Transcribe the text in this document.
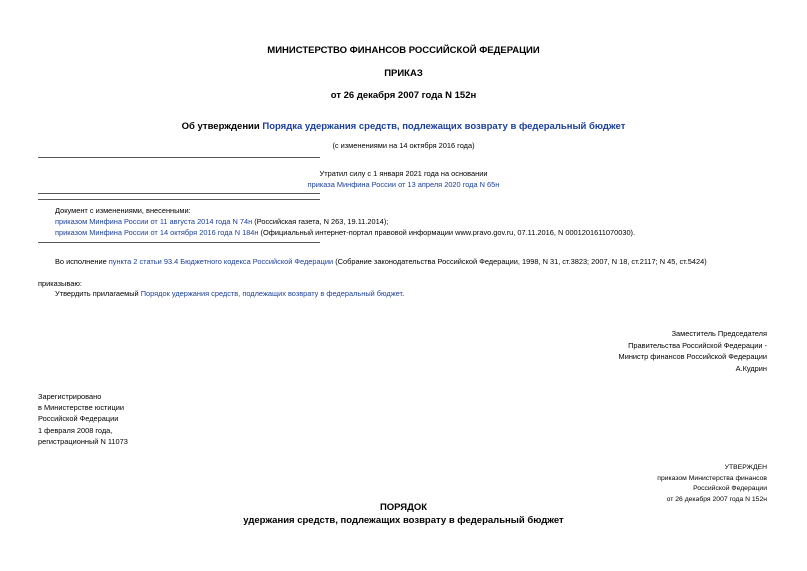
МИНИСТЕРСТВО ФИНАНСОВ РОССИЙСКОЙ ФЕДЕРАЦИИ
ПРИКАЗ
от 26 декабря 2007 года N 152н
Об утверждении Порядка удержания средств, подлежащих возврату в федеральный бюджет
(с изменениями на 14 октября 2016 года)
Утратил силу с 1 января 2021 года на основании
приказа Минфина России от 13 апреля 2020 года N 65н
Документ с изменениями, внесенными:
приказом Минфина России от 11 августа 2014 года N 74н (Российская газета, N 263, 19.11.2014);
приказом Минфина России от 14 октября 2016 года N 184н (Официальный интернет-портал правовой информации www.pravo.gov.ru, 07.11.2016, N 0001201611070030).
Во исполнение пункта 2 статьи 93.4 Бюджетного кодекса Российской Федерации (Собрание законодательства Российской Федерации, 1998, N 31, ст.3823; 2007, N 18, ст.2117; N 45, ст.5424)
приказываю:
Утвердить прилагаемый Порядок удержания средств, подлежащих возврату в федеральный бюджет.
Заместитель Председателя
Правительства Российской Федерации -
Министр финансов Российской Федерации
А.Кудрин
Зарегистрировано
в Министерстве юстиции
Российской Федерации
1 февраля 2008 года,
регистрационный N 11073
УТВЕРЖДЕН
приказом Министерства финансов
Российской Федерации
от 26 декабря 2007 года N 152н
ПОРЯДОК
удержания средств, подлежащих возврату в федеральный бюджет
